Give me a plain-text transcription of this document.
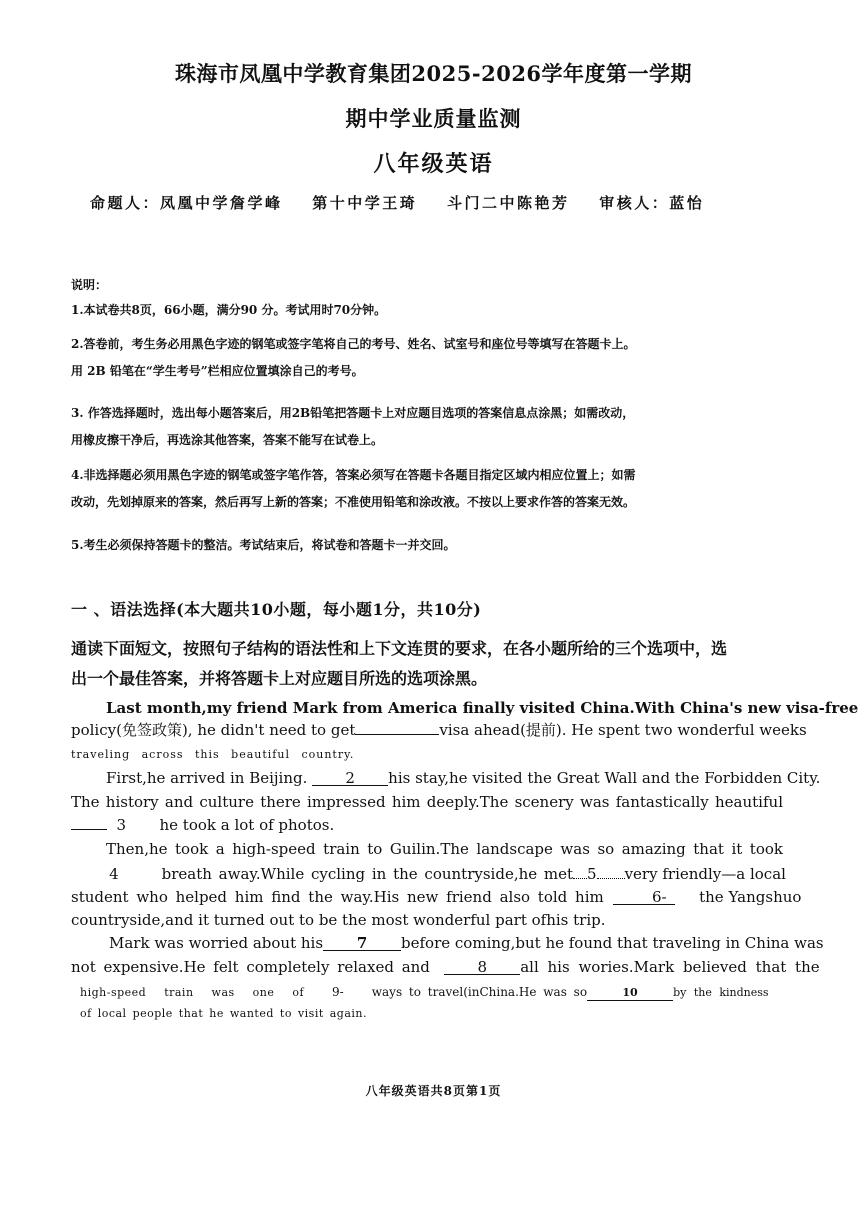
珠海市凤凰中学教育集团2025-2026学年度第一学期
期中学业质量监测
八年级英语
命题人：凤凰中学詹学峰 第十中学王琦 斗门二中陈艳芳 审核人：蓝怡
说明：
1.本试卷共8页，66小题，满分90 分。考试用时70分钟。
2.答卷前，考生务必用黑色字迹的钢笔或签字笔将自己的考号、姓名、试室号和座位号等填写在答题卡上。
用 2B 铅笔在“学生考号”栏相应位置填涂自己的考号。
3. 作答选择题时，选出每小题答案后，用2B铅笔把答题卡上对应题目选项的答案信息点涂黑；如需改动，
用橡皮擦干净后，再选涂其他答案，答案不能写在试卷上。
4.非选择题必须用黑色字迹的钢笔或签字笔作答，答案必须写在答题卡各题目指定区域内相应位置上；如需
改动，先划掉原来的答案，然后再写上新的答案；不准使用铅笔和涂改液。不按以上要求作答的答案无效。
5.考生必须保持答题卡的整洁。考试结束后，将试卷和答题卡一并交回。
一 、语法选择(本大题共10小题，每小题1分，共10分)
通读下面短文，按照句子结构的语法性和上下文连贯的要求，在各小题所给的三个选项中，选
出一个最佳答案，并将答题卡上对应题目所选的选项涂黑。
Last month,my friend Mark from America finally visited China.With China's new visa-free
policy(免签政策), he didn't need to get	visa ahead(提前). He spent two wonderful weeks
traveling across this beautiful country.
First,he arrived in Beijing.	2 his stay,he visited the Great Wall and the Forbidden City.
The history and culture there impressed him deeply.The scenery was fantastically heautiful
3 he took a lot of photos.
Then,he took a high-speed train to Guilin.The landscape was so amazing that it took
4	breath away.While cycling in the countryside,he met 5 very friendly—a local
student who helped him find the way.His new friend also told him	6- the Yangshuo
countryside,and it turned out to be the most wonderful part ofhis trip.
Mark was worried about his 7 before coming,but he found that traveling in China was
not expensive.He felt completely relaxed and	8 all his wories.Mark believed that the
high-speed train was one of 9- ways to travel(inChina.He was so	10	by the kindness
of local people that he wanted to visit again.
八年级英语共8页第1页
